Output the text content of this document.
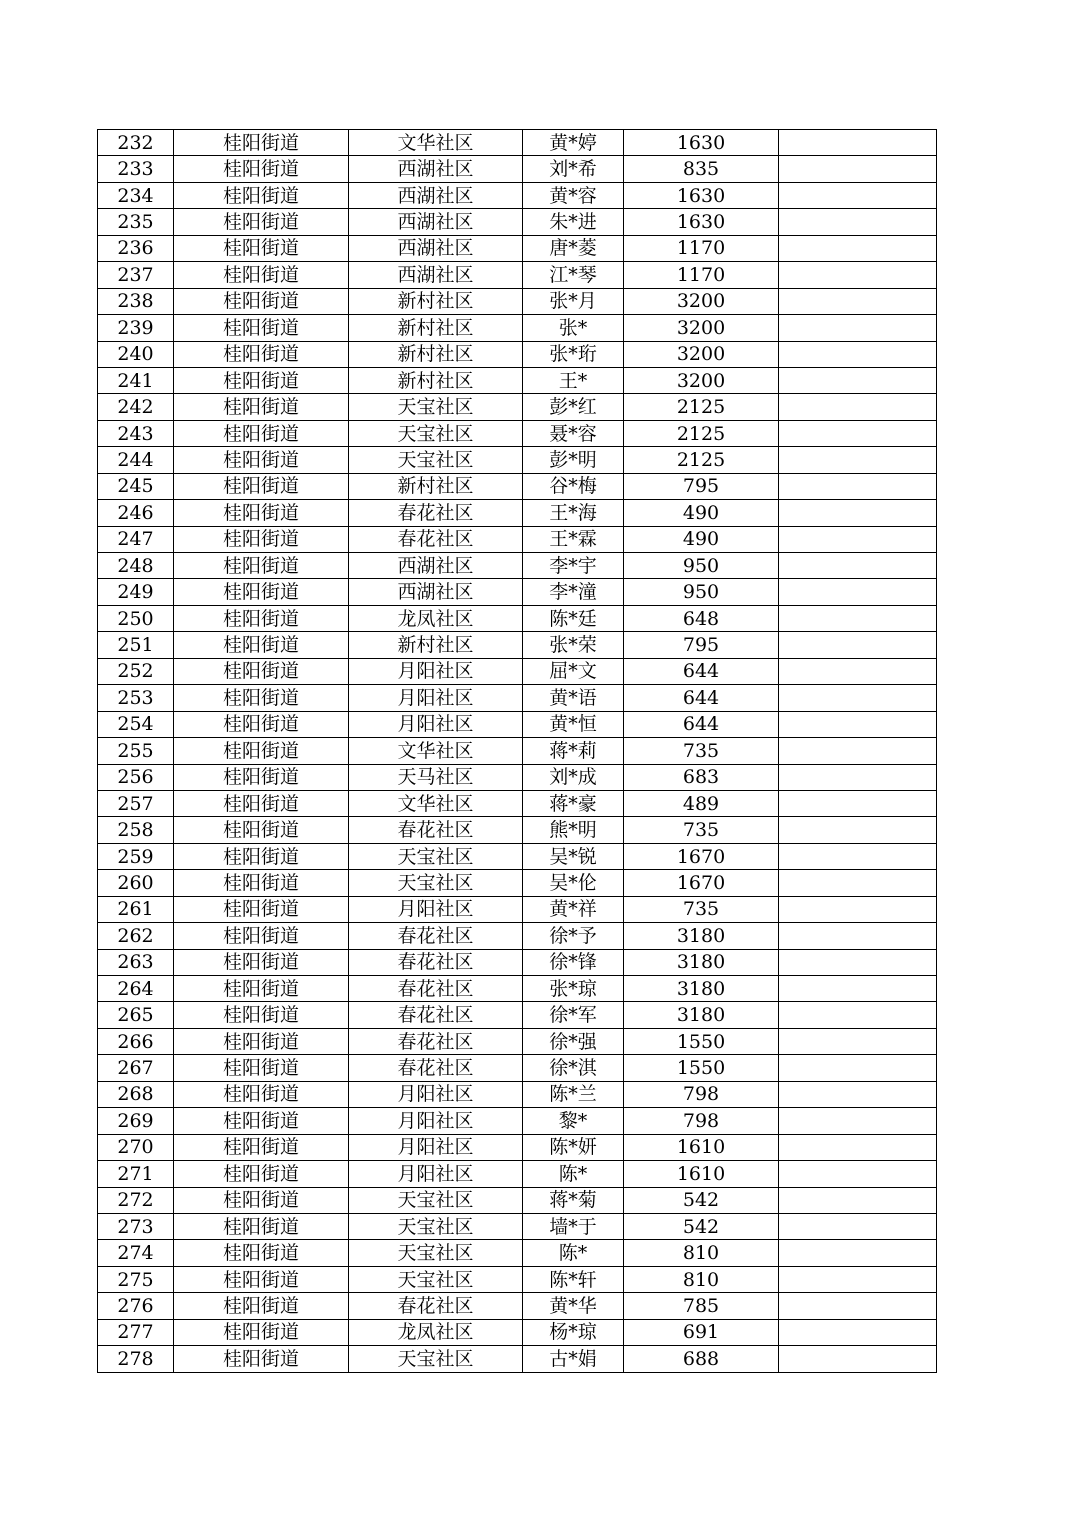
232	桂阳街道	文华社区	黄*婷	1630	
233	桂阳街道	西湖社区	刘*希	835	
234	桂阳街道	西湖社区	黄*容	1630	
235	桂阳街道	西湖社区	朱*进	1630	
236	桂阳街道	西湖社区	唐*菱	1170	
237	桂阳街道	西湖社区	江*琴	1170	
238	桂阳街道	新村社区	张*月	3200	
239	桂阳街道	新村社区	张*	3200	
240	桂阳街道	新村社区	张*珩	3200	
241	桂阳街道	新村社区	王*	3200	
242	桂阳街道	天宝社区	彭*红	2125	
243	桂阳街道	天宝社区	聂*容	2125	
244	桂阳街道	天宝社区	彭*明	2125	
245	桂阳街道	新村社区	谷*梅	795	
246	桂阳街道	春花社区	王*海	490	
247	桂阳街道	春花社区	王*霖	490	
248	桂阳街道	西湖社区	李*宇	950	
249	桂阳街道	西湖社区	李*潼	950	
250	桂阳街道	龙凤社区	陈*廷	648	
251	桂阳街道	新村社区	张*荣	795	
252	桂阳街道	月阳社区	屈*文	644	
253	桂阳街道	月阳社区	黄*语	644	
254	桂阳街道	月阳社区	黄*恒	644	
255	桂阳街道	文华社区	蒋*莉	735	
256	桂阳街道	天马社区	刘*成	683	
257	桂阳街道	文华社区	蒋*豪	489	
258	桂阳街道	春花社区	熊*明	735	
259	桂阳街道	天宝社区	吴*锐	1670	
260	桂阳街道	天宝社区	吴*伦	1670	
261	桂阳街道	月阳社区	黄*祥	735	
262	桂阳街道	春花社区	徐*予	3180	
263	桂阳街道	春花社区	徐*锋	3180	
264	桂阳街道	春花社区	张*琼	3180	
265	桂阳街道	春花社区	徐*军	3180	
266	桂阳街道	春花社区	徐*强	1550	
267	桂阳街道	春花社区	徐*淇	1550	
268	桂阳街道	月阳社区	陈*兰	798	
269	桂阳街道	月阳社区	黎*	798	
270	桂阳街道	月阳社区	陈*妍	1610	
271	桂阳街道	月阳社区	陈*	1610	
272	桂阳街道	天宝社区	蒋*菊	542	
273	桂阳街道	天宝社区	墙*于	542	
274	桂阳街道	天宝社区	陈*	810	
275	桂阳街道	天宝社区	陈*轩	810	
276	桂阳街道	春花社区	黄*华	785	
277	桂阳街道	龙凤社区	杨*琼	691	
278	桂阳街道	天宝社区	古*娟	688	
